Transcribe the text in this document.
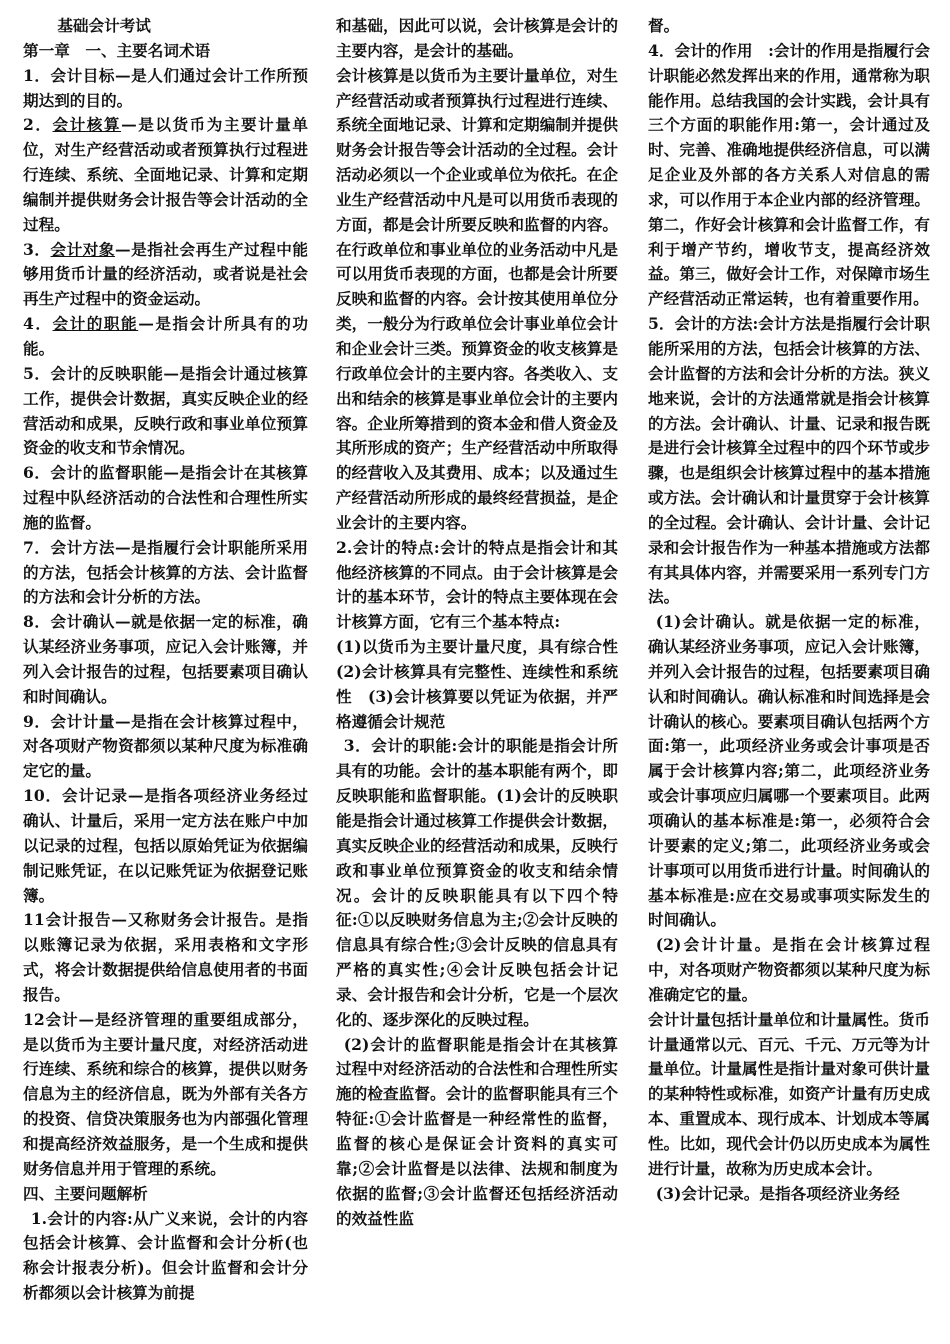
基础会计考试

第一章　一、主要名词术语

1．会计目标—是人们通过会计工作所预期达到的目的。

2．会计核算—是以货币为主要计量单位，对生产经营活动或者预算执行过程进行连续、系统、全面地记录、计算和定期编制并提供财务会计报告等会计活动的全过程。

3．会计对象—是指社会再生产过程中能够用货币计量的经济活动，或者说是社会再生产过程中的资金运动。

4．会计的职能—是指会计所具有的功能。

5．会计的反映职能—是指会计通过核算工作，提供会计数据，真实反映企业的经营活动和成果，反映行政和事业单位预算资金的收支和节余情况。

6．会计的监督职能—是指会计在其核算过程中队经济活动的合法性和合理性所实施的监督。

7．会计方法—是指履行会计职能所采用的方法，包括会计核算的方法、会计监督的方法和会计分析的方法。

8．会计确认—就是依据一定的标准，确认某经济业务事项，应记入会计账簿，并列入会计报告的过程，包括要素项目确认和时间确认。

9．会计计量—是指在会计核算过程中，对各项财产物资都须以某种尺度为标准确定它的量。

10．会计记录—是指各项经济业务经过确认、计量后，采用一定方法在账户中加以记录的过程，包括以原始凭证为依据编制记账凭证，在以记账凭证为依据登记账簿。

11会计报告—又称财务会计报告。是指以账簿记录为依据，采用表格和文字形式，将会计数据提供给信息使用者的书面报告。

12会计—是经济管理的重要组成部分，是以货币为主要计量尺度，对经济活动进行连续、系统和综合的核算，提供以财务信息为主的经济信息，既为外部有关各方的投资、信贷决策服务也为内部强化管理和提高经济效益服务，是一个生成和提供财务信息并用于管理的系统。

四、主要问题解析

1.会计的内容:从广义来说，会计的内容包括会计核算、会计监督和会计分析(也称会计报表分析)。但会计监督和会计分析都须以会计核算为前提

和基础，因此可以说，会计核算是会计的主要内容，是会计的基础。

会计核算是以货币为主要计量单位，对生产经营活动或者预算执行过程进行连续、系统全面地记录、计算和定期编制并提供财务会计报告等会计活动的全过程。会计活动必须以一个企业或单位为依托。在企业生产经营活动中凡是可以用货币表现的方面，都是会计所要反映和监督的内容。在行政单位和事业单位的业务活动中凡是可以用货币表现的方面，也都是会计所要反映和监督的内容。会计按其使用单位分类，一般分为行政单位会计事业单位会计和企业会计三类。预算资金的收支核算是行政单位会计的主要内容。各类收入、支出和结余的核算是事业单位会计的主要内容。企业所筹措到的资本金和借人资金及其所形成的资产；生产经营活动中所取得的经营收入及其费用、成本；以及通过生产经营活动所形成的最终经营损益，是企业会计的主要内容。

2.会计的特点:会计的特点是指会计和其他经济核算的不同点。由于会计核算是会计的基本环节，会计的特点主要体现在会计核算方面，它有三个基本特点:

(1)以货币为主要计量尺度，具有综合性　(2)会计核算具有完整性、连续性和系统性　(3)会计核算要以凭证为依据，并严格遵循会计规范

3．会计的职能:会计的职能是指会计所具有的功能。会计的基本职能有两个，即反映职能和监督职能。(1)会计的反映职能是指会计通过核算工作提供会计数据，真实反映企业的经营活动和成果，反映行政和事业单位预算资金的收支和结余情况。会计的反映职能具有以下四个特征:①以反映财务信息为主;②会计反映的信息具有综合性;③会计反映的信息具有严格的真实性;④会计反映包括会计记录、会计报告和会计分析，它是一个层次化的、逐步深化的反映过程。

(2)会计的监督职能是指会计在其核算过程中对经济活动的合法性和合理性所实施的检查监督。会计的监督职能具有三个特征:①会计监督是一种经常性的监督，监督的核心是保证会计资料的真实可靠;②会计监督是以法律、法规和制度为依据的监督;③会计监督还包括经济活动的效益性监

督。

4．会计的作用　:会计的作用是指履行会计职能必然发挥出来的作用，通常称为职能作用。总结我国的会计实践，会计具有三个方面的职能作用:第一，会计通过及时、完善、准确地提供经济信息，可以满足企业及外部的各方关系人对信息的需求，可以作用于本企业内部的经济管理。第二，作好会计核算和会计监督工作，有利于增产节约，增收节支，提高经济效益。第三，做好会计工作，对保障市场生产经营活动正常运转，也有着重要作用。

5．会计的方法:会计方法是指履行会计职能所采用的方法，包括会计核算的方法、会计监督的方法和会计分析的方法。狭义地来说，会计的方法通常就是指会计核算的方法。会计确认、计量、记录和报告既是进行会计核算全过程中的四个环节或步骤，也是组织会计核算过程中的基本措施或方法。会计确认和计量贯穿于会计核算的全过程。会计确认、会计计量、会计记录和会计报告作为一种基本措施或方法都有其具体内容，并需要采用一系列专门方法。

(1)会计确认。就是依据一定的标准，确认某经济业务事项，应记入会计账簿，并列入会计报告的过程，包括要素项目确认和时间确认。确认标准和时间选择是会计确认的核心。要素项目确认包括两个方面:第一，此项经济业务或会计事项是否属于会计核算内容;第二，此项经济业务或会计事项应归属哪一个要素项目。此两项确认的基本标准是:第一，必须符合会计要素的定义;第二，此项经济业务或会计事项可以用货币进行计量。时间确认的基本标准是:应在交易或事项实际发生的时间确认。

(2)会计计量。是指在会计核算过程中，对各项财产物资都须以某种尺度为标准确定它的量。

会计计量包括计量单位和计量属性。货币计量通常以元、百元、千元、万元等为计量单位。计量属性是指计量对象可供计量的某种特性或标准，如资产计量有历史成本、重置成本、现行成本、计划成本等属性。比如，现代会计仍以历史成本为属性进行计量，故称为历史成本会计。

(3)会计记录。是指各项经济业务经
